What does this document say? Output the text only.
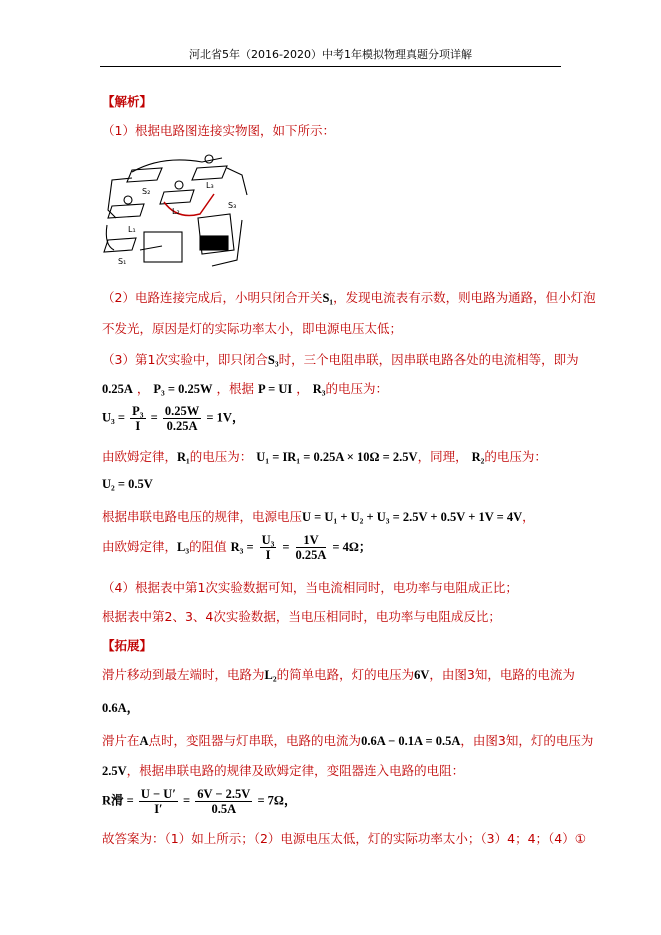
河北省5年（2016-2020）中考1年模拟物理真题分项详解
【解析】
（1）根据电路图连接实物图，如下所示：
S₂
L₃
S₃
L₁
S₁
L₂
（2）电路连接完成后，小明只闭合开关S₁，发现电流表有示数，则电路为通路，但小灯泡
不发光，原因是灯的实际功率太小，即电源电压太低；
（3）第1次实验中，即只闭合S₃时，三个电阻串联，因串联电路各处的电流相等，即为
0.25A ， P₃ = 0.25W ，根据 P = UI ， R₃的电压为：
$U_3 = \frac{\text{P₃}}{I} = \frac{0.25W}{0.25A} = 1V$，
由欧姆定律，R₁的电压为： U₁ = IR₁ = 0.25A × 10Ω = 2.5V，同理， R₂的电压为：
U₂ = 0.5V
根据串联电路电压的规律，电源电压U = U₁ + U₂ + U₃ = 2.5V + 0.5V + 1V = 4V，
由欧姆定律，L₃的阻值 $R_3 = \frac{\text{U₃}}{I} = \frac{1V}{0.25A} = 4\Omega$；
（4）根据表中第1次实验数据可知，当电流相同时，电功率与电阻成正比；
根据表中第2、3、4次实验数据，当电压相同时，电功率与电阻成反比；
【拓展】
滑片移动到最左端时，电路为L₂的简单电路，灯的电压为6V，由图3知，电路的电流为
0.6A，
滑片在A点时，变阻器与灯串联，电路的电流为0.6A − 0.1A = 0.5A，由图3知，灯的电压为
2.5V，根据串联电路的规律及欧姆定律，变阻器连入电路的电阻：
R滑 = $\frac{U - U'}{I'} = \frac{6V - 2.5V}{0.5A} = 7\Omega$，
故答案为：（1）如上所示；（2）电源电压太低，灯的实际功率太小；（3）4；4；（4）①
